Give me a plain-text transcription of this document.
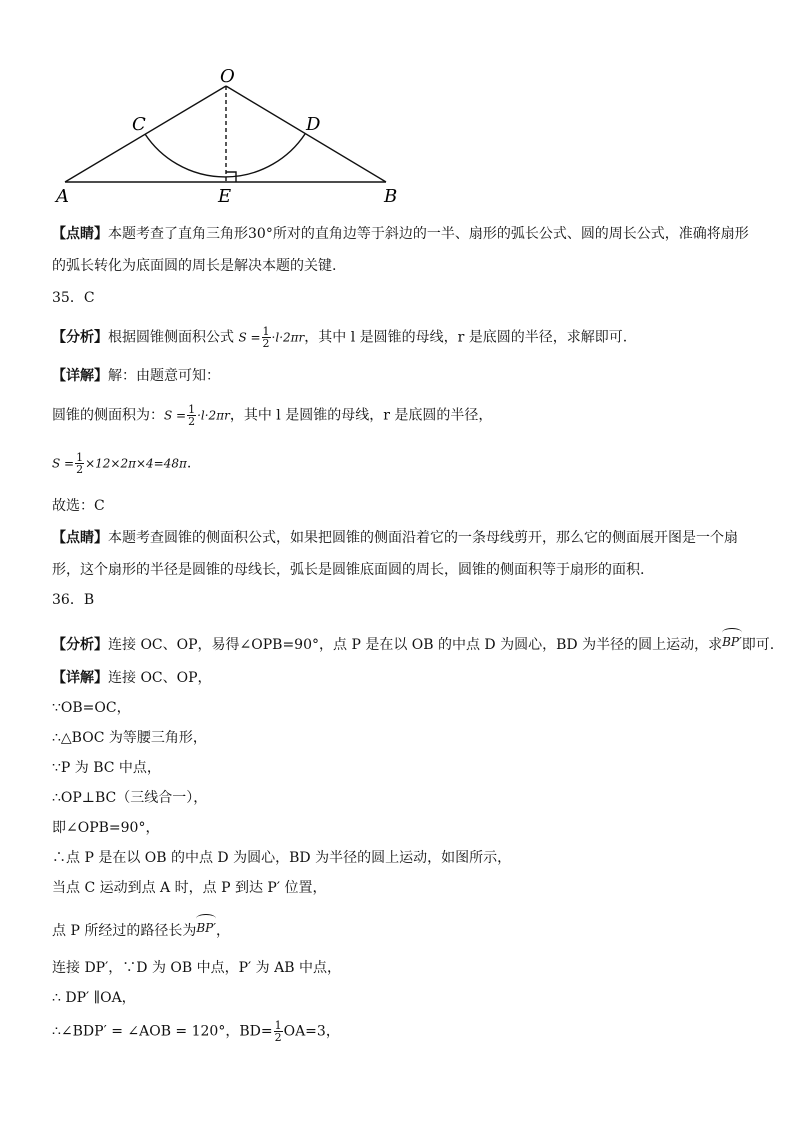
O
C	D
A	E	B
【点睛】本题考查了直角三角形30°所对的直角边等于斜边的一半、扇形的弧长公式、圆的周长公式，准确将扇形
的弧长转化为底面圆的周长是解决本题的关键.
35．C
【分析】根据圆锥侧面积公式 $S = \frac{1}{2} \cdot l\cdot 2\pi r$，其中 l 是圆锥的母线，r 是底圆的半径，求解即可.
【详解】解：由题意可知：
圆锥的侧面积为：$S = \frac{1}{2} \cdot l\cdot 2\pi r$，其中 l 是圆锥的母线，r 是底圆的半径，
$S = \frac{1}{2} \times 12\times 2\pi\times 4=48\pi$.
故选：C
【点睛】本题考查圆锥的侧面积公式，如果把圆锥的侧面沿着它的一条母线剪开，那么它的侧面展开图是一个扇
形，这个扇形的半径是圆锥的母线长，弧长是圆锥底面圆的周长，圆锥的侧面积等于扇形的面积.
36．B
【分析】连接 OC、OP，易得∠OPB=90°，点 P 是在以 OB 的中点 D 为圆心，BD 为半径的圆上运动，求BP′即可.
【详解】连接 OC、OP，
∵OB=OC，
∴△BOC 为等腰三角形，
∵P 为 BC 中点，
∴OP⊥BC（三线合一），
即∠OPB=90°，
∴点 P 是在以 OB 的中点 D 为圆心，BD 为半径的圆上运动，如图所示，
当点 C 运动到点 A 时，点 P 到达 P′ 位置，
点 P 所经过的路径长为BP′，
连接 DP′，∵D 为 OB 中点，P′ 为 AB 中点，
∴ DP′ ∥OA，
∴∠BDP′ = ∠AOB = 120°，$BD= \frac{1}{2} OA=3$，
